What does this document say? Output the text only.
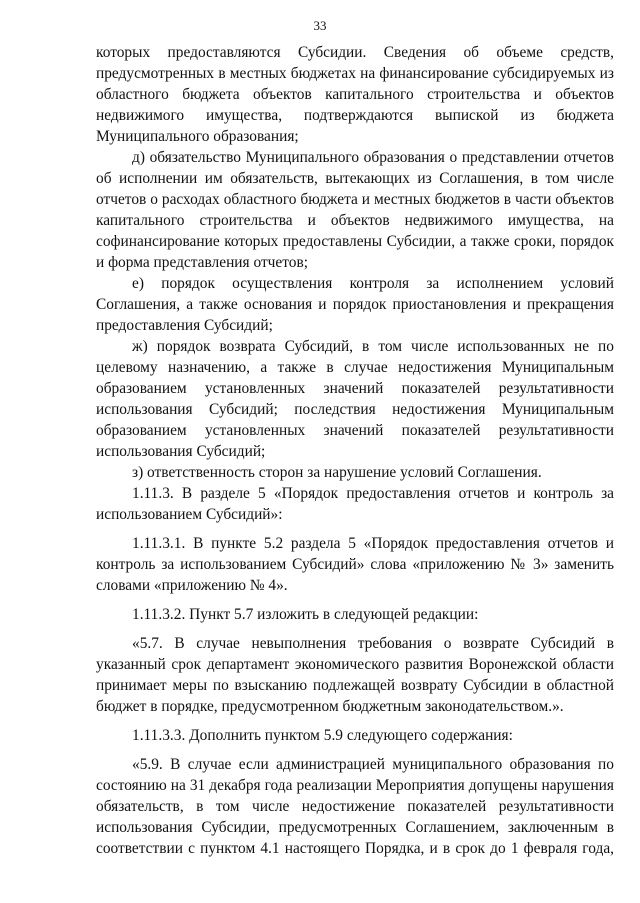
33

которых предоставляются Субсидии. Сведения об объеме средств, предусмотренных в местных бюджетах на финансирование субсидируемых из областного бюджета объектов капитального строительства и объектов недвижимого имущества, подтверждаются выпиской из бюджета Муниципального образования;

д) обязательство Муниципального образования о представлении отчетов об исполнении им обязательств, вытекающих из Соглашения, в том числе отчетов о расходах областного бюджета и местных бюджетов в части объектов капитального строительства и объектов недвижимого имущества, на софинансирование которых предоставлены Субсидии, а также сроки, порядок и форма представления отчетов;

е) порядок осуществления контроля за исполнением условий Соглашения, а также основания и порядок приостановления и прекращения предоставления Субсидий;

ж) порядок возврата Субсидий, в том числе использованных не по целевому назначению, а также в случае недостижения Муниципальным образованием установленных значений показателей результативности использования Субсидий; последствия недостижения Муниципальным образованием установленных значений показателей результативности использования Субсидий;

з) ответственность сторон за нарушение условий Соглашения.

1.11.3. В разделе 5 «Порядок предоставления отчетов и контроль за использованием Субсидий»:

1.11.3.1. В пункте 5.2 раздела 5 «Порядок предоставления отчетов и контроль за использованием Субсидий» слова «приложению № 3» заменить словами «приложению № 4».

1.11.3.2. Пункт 5.7 изложить в следующей редакции:

«5.7. В случае невыполнения требования о возврате Субсидий в указанный срок департамент экономического развития Воронежской области принимает меры по взысканию подлежащей возврату Субсидии в областной бюджет в порядке, предусмотренном бюджетным законодательством.».

1.11.3.3. Дополнить пунктом 5.9 следующего содержания:

«5.9. В случае если администрацией муниципального образования по состоянию на 31 декабря года реализации Мероприятия допущены нарушения обязательств, в том числе недостижение показателей результативности использования Субсидии, предусмотренных Соглашением, заключенным в соответствии с пунктом 4.1 настоящего Порядка, и в срок до 1 февраля года,
